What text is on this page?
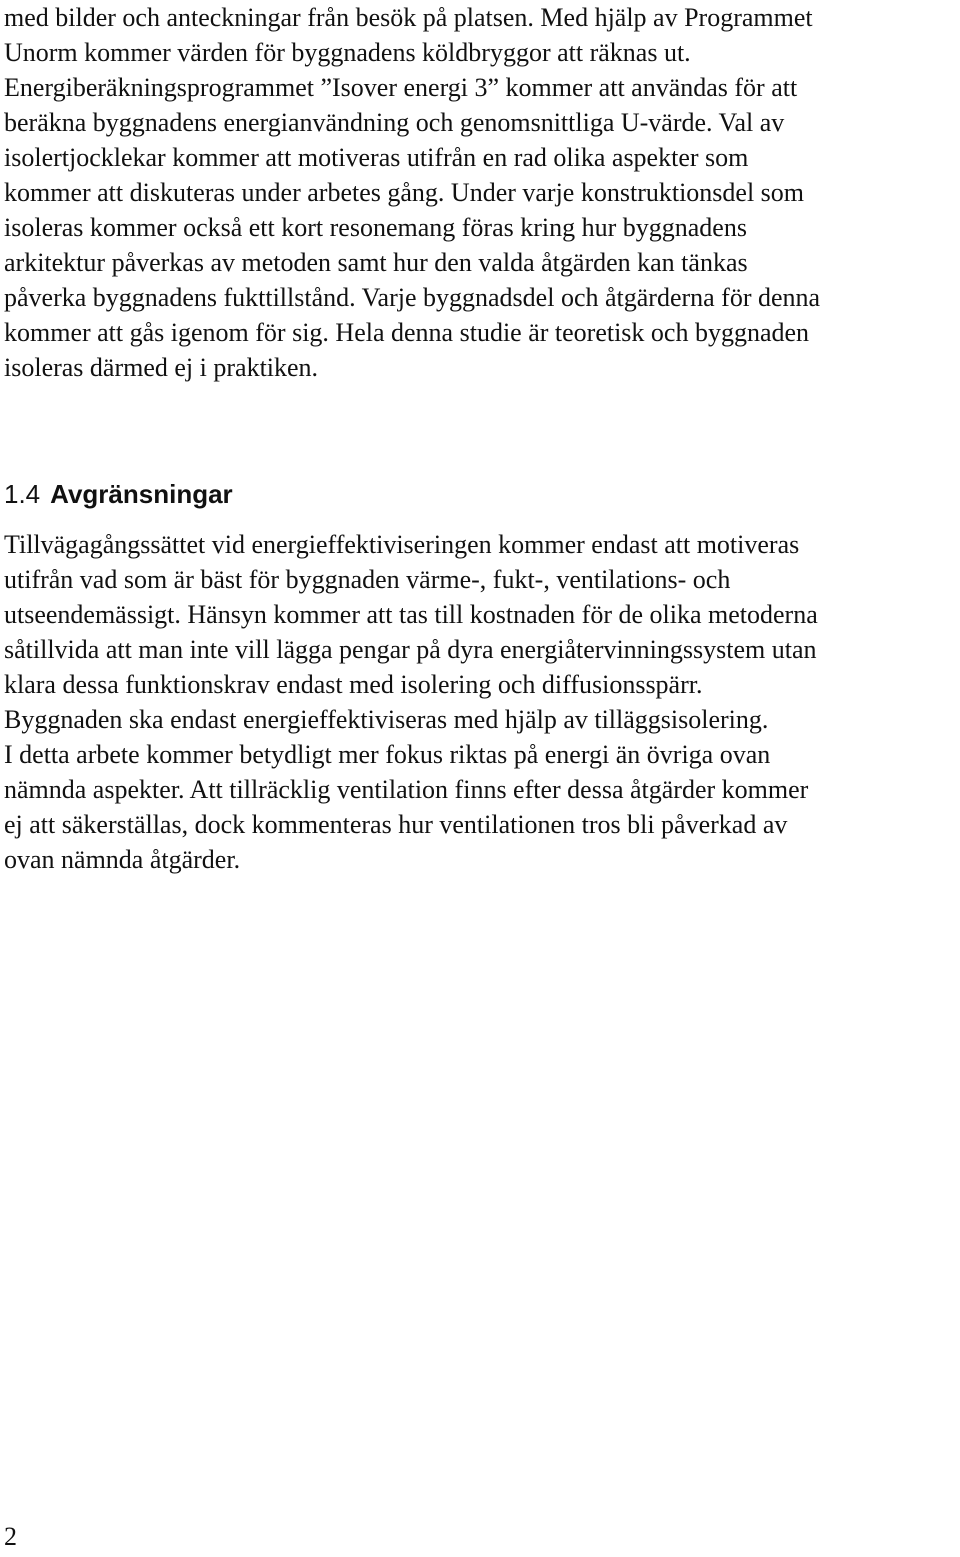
med bilder och anteckningar från besök på platsen. Med hjälp av Programmet
Unorm kommer värden för byggnadens köldbryggor att räknas ut.
Energiberäkningsprogrammet ”Isover energi 3” kommer att användas för att
beräkna byggnadens energianvändning och genomsnittliga U-värde. Val av
isolertjocklekar kommer att motiveras utifrån en rad olika aspekter som
kommer att diskuteras under arbetes gång. Under varje konstruktionsdel som
isoleras kommer också ett kort resonemang föras kring hur byggnadens
arkitektur påverkas av metoden samt hur den valda åtgärden kan tänkas
påverka byggnadens fukttillstånd. Varje byggnadsdel och åtgärderna för denna
kommer att gås igenom för sig. Hela denna studie är teoretisk och byggnaden
isoleras därmed ej i praktiken.

1.4 Avgränsningar

Tillvägagångssättet vid energieffektiviseringen kommer endast att motiveras
utifrån vad som är bäst för byggnaden värme-, fukt-, ventilations- och
utseendemässigt. Hänsyn kommer att tas till kostnaden för de olika metoderna
såtillvida att man inte vill lägga pengar på dyra energiåtervinningssystem utan
klara dessa funktionskrav endast med isolering och diffusionsspärr.
Byggnaden ska endast energieffektiviseras med hjälp av tilläggsisolering.
I detta arbete kommer betydligt mer fokus riktas på energi än övriga ovan
nämnda aspekter. Att tillräcklig ventilation finns efter dessa åtgärder kommer
ej att säkerställas, dock kommenteras hur ventilationen tros bli påverkad av
ovan nämnda åtgärder.

2
